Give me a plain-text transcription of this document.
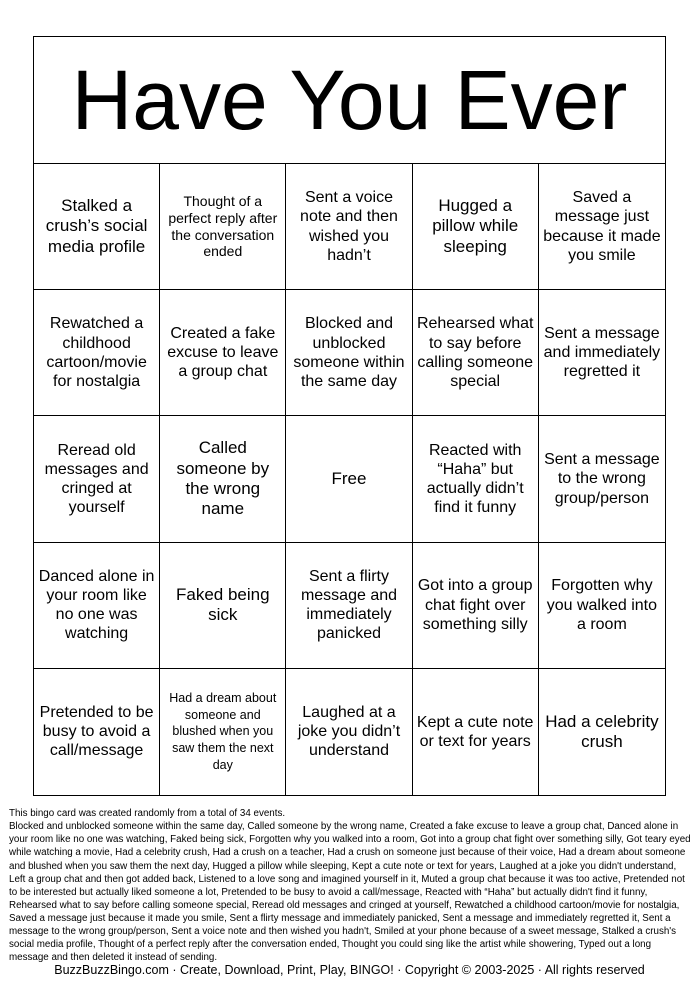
Have You Ever
Stalked a crush’s social media profile
Thought of a perfect reply after the conversation ended
Sent a voice note and then wished you hadn’t
Hugged a pillow while sleeping
Saved a message just because it made you smile
Rewatched a childhood cartoon/movie for nostalgia
Created a fake excuse to leave a group chat
Blocked and unblocked someone within the same day
Rehearsed what to say before calling someone special
Sent a message and immediately regretted it
Reread old messages and cringed at yourself
Called someone by the wrong name
Free
Reacted with “Haha” but actually didn’t find it funny
Sent a message to the wrong group/person
Danced alone in your room like no one was watching
Faked being sick
Sent a flirty message and immediately panicked
Got into a group chat fight over something silly
Forgotten why you walked into a room
Pretended to be busy to avoid a call/message
Had a dream about someone and blushed when you saw them the next day
Laughed at a joke you didn’t understand
Kept a cute note or text for years
Had a celebrity crush

This bingo card was created randomly from a total of 34 events.

Blocked and unblocked someone within the same day, Called someone by the wrong name, Created a fake excuse to leave a group chat, Danced alone in your room like no one was watching, Faked being sick, Forgotten why you walked into a room, Got into a group chat fight over something silly, Got teary eyed while watching a movie, Had a celebrity crush, Had a crush on a teacher, Had a crush on someone just because of their voice, Had a dream about someone and blushed when you saw them the next day, Hugged a pillow while sleeping, Kept a cute note or text for years, Laughed at a joke you didn't understand, Left a group chat and then got added back, Listened to a love song and imagined yourself in it, Muted a group chat because it was too active, Pretended not to be interested but actually liked someone a lot, Pretended to be busy to avoid a call/message, Reacted with “Haha” but actually didn't find it funny, Rehearsed what to say before calling someone special, Reread old messages and cringed at yourself, Rewatched a childhood cartoon/movie for nostalgia, Saved a message just because it made you smile, Sent a flirty message and immediately panicked, Sent a message and immediately regretted it, Sent a message to the wrong group/person, Sent a voice note and then wished you hadn't, Smiled at your phone because of a sweet message, Stalked a crush's social media profile, Thought of a perfect reply after the conversation ended, Thought you could sing like the artist while showering, Typed out a long message and then deleted it instead of sending.

BuzzBuzzBingo.com · Create, Download, Print, Play, BINGO! · Copyright © 2003-2025 · All rights reserved
